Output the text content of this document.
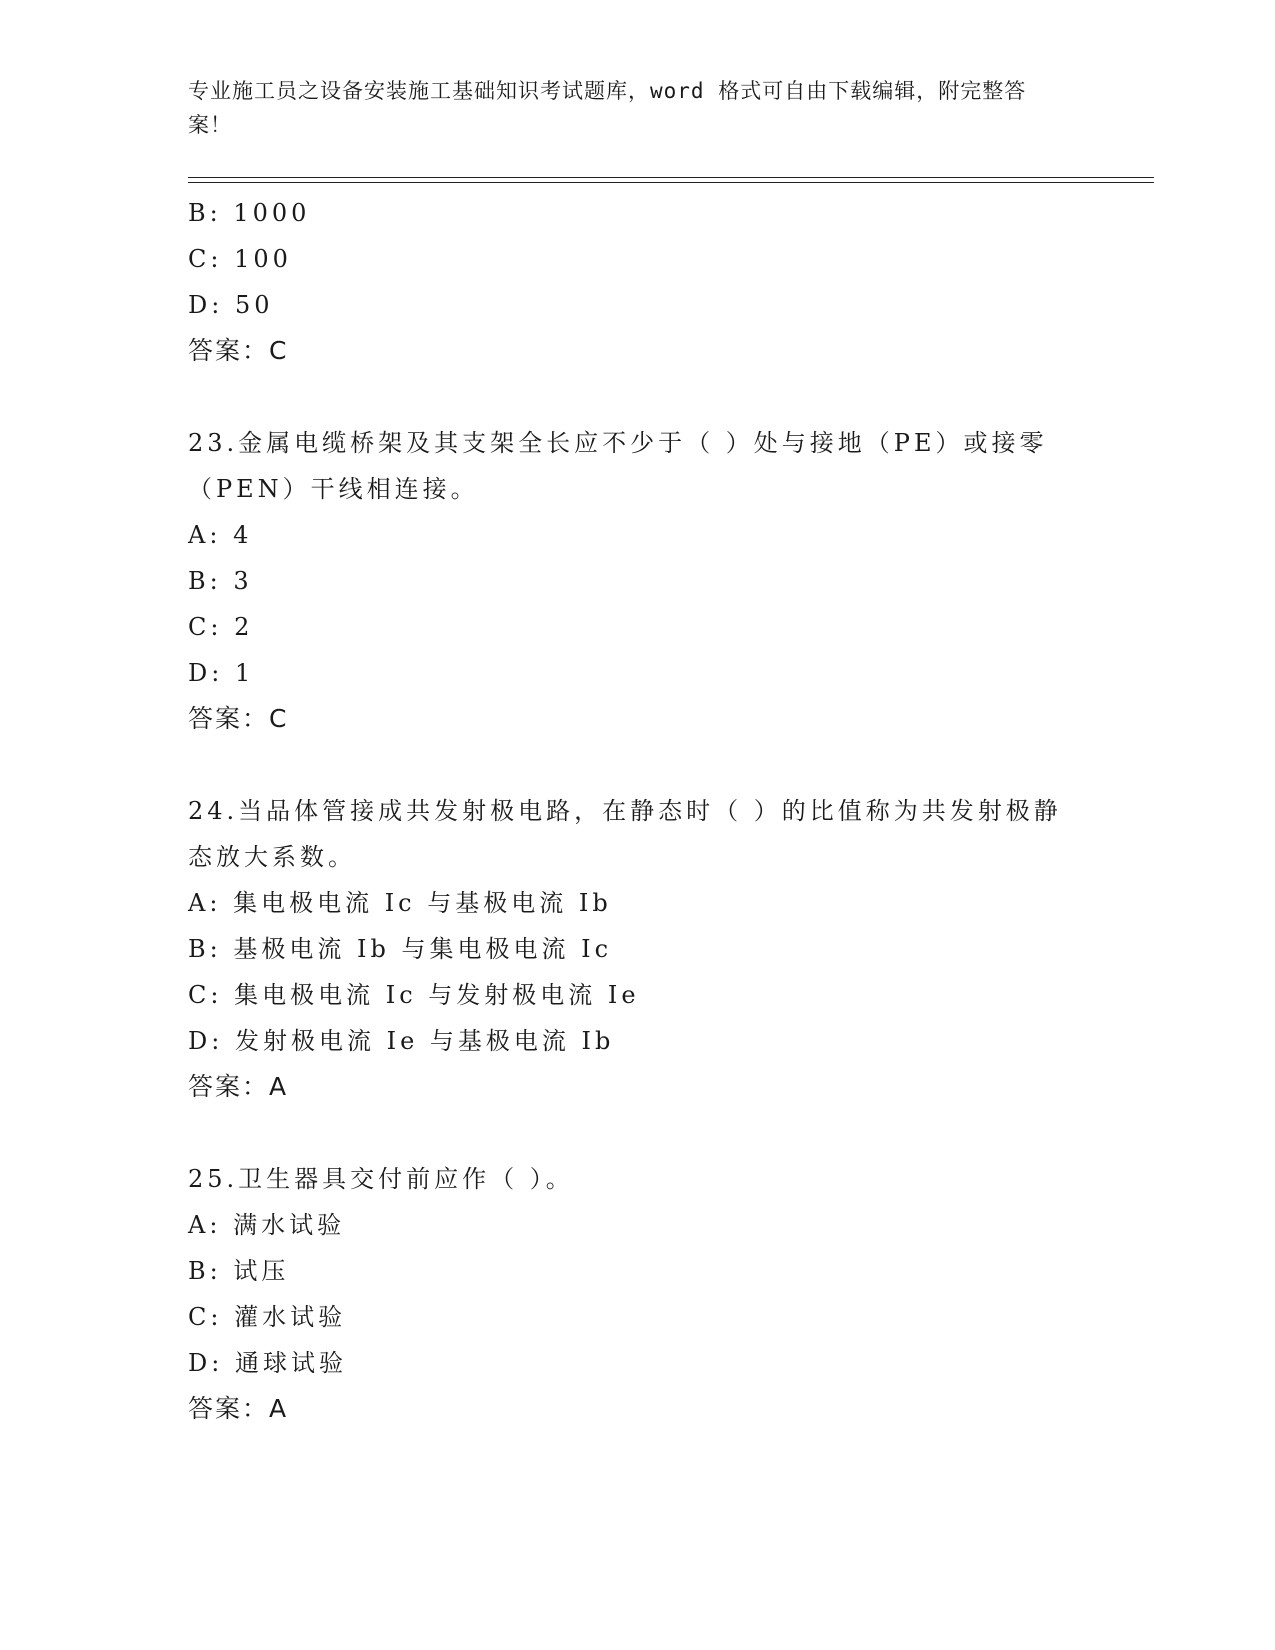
专业施工员之设备安装施工基础知识考试题库，word 格式可自由下载编辑，附完整答案！
B: 1000
C: 100
D: 50
答案：C
23.金属电缆桥架及其支架全长应不少于（ ）处与接地（PE）或接零（PEN）干线相连接。
A: 4
B: 3
C: 2
D: 1
答案：C
24.当品体管接成共发射极电路，在静态时（ ）的比值称为共发射极静态放大系数。
A: 集电极电流 Ic 与基极电流 Ib
B: 基极电流 Ib 与集电极电流 Ic
C: 集电极电流 Ic 与发射极电流 Ie
D: 发射极电流 Ie 与基极电流 Ib
答案：A
25.卫生器具交付前应作（ ）。
A: 满水试验
B: 试压
C: 灌水试验
D: 通球试验
答案：A
